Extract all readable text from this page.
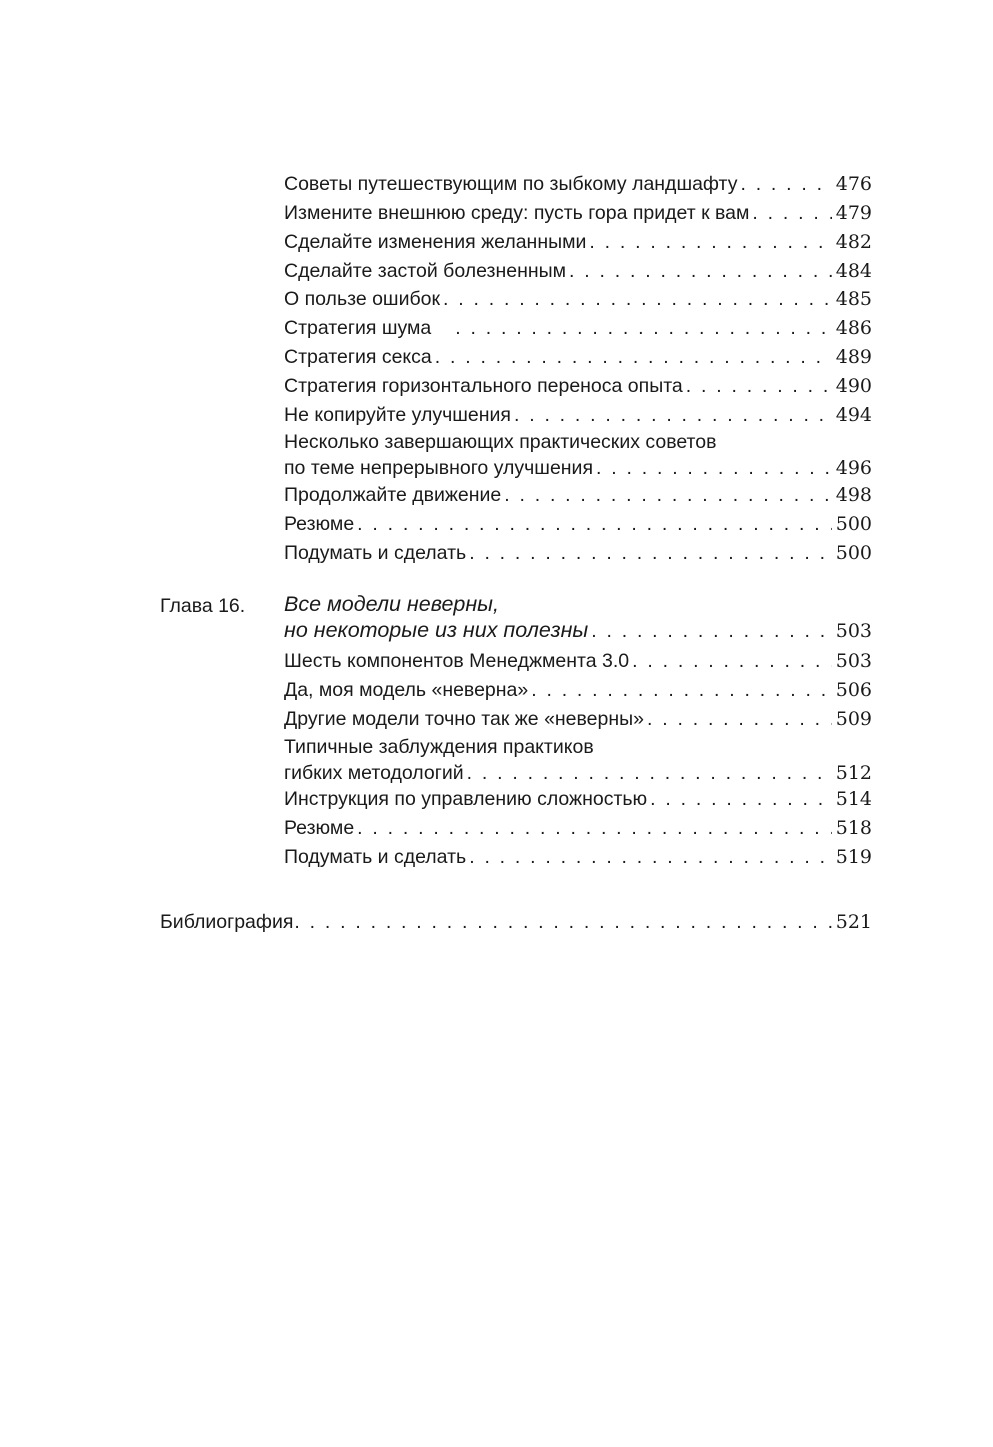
Советы путешествующим по зыбкому ландшафту . . .	476
Измените внешнюю среду: пусть гора придет к вам . . .	479
Сделайте изменения желанными . . .	482
Сделайте застой болезненным . . .	484
О пользе ошибок . . .	485
Стратегия шума . . .	486
Стратегия секса . . .	489
Стратегия горизонтального переноса опыта . . .	490
Не копируйте улучшения . . .	494
Несколько завершающих практических советов
по теме непрерывного улучшения . . .	496
Продолжайте движение . . .	498
Резюме . . .	500
Подумать и сделать . . .	500
Глава 16. Все модели неверны,
но некоторые из них полезны . . .	503
Шесть компонентов Менеджмента 3.0 . . .	503
Да, моя модель «неверна» . . .	506
Другие модели точно так же «неверны» . . .	509
Типичные заблуждения практиков
гибких методологий . . .	512
Инструкция по управлению сложностью . . .	514
Резюме . . .	518
Подумать и сделать . . .	519
Библиография . . .	521
